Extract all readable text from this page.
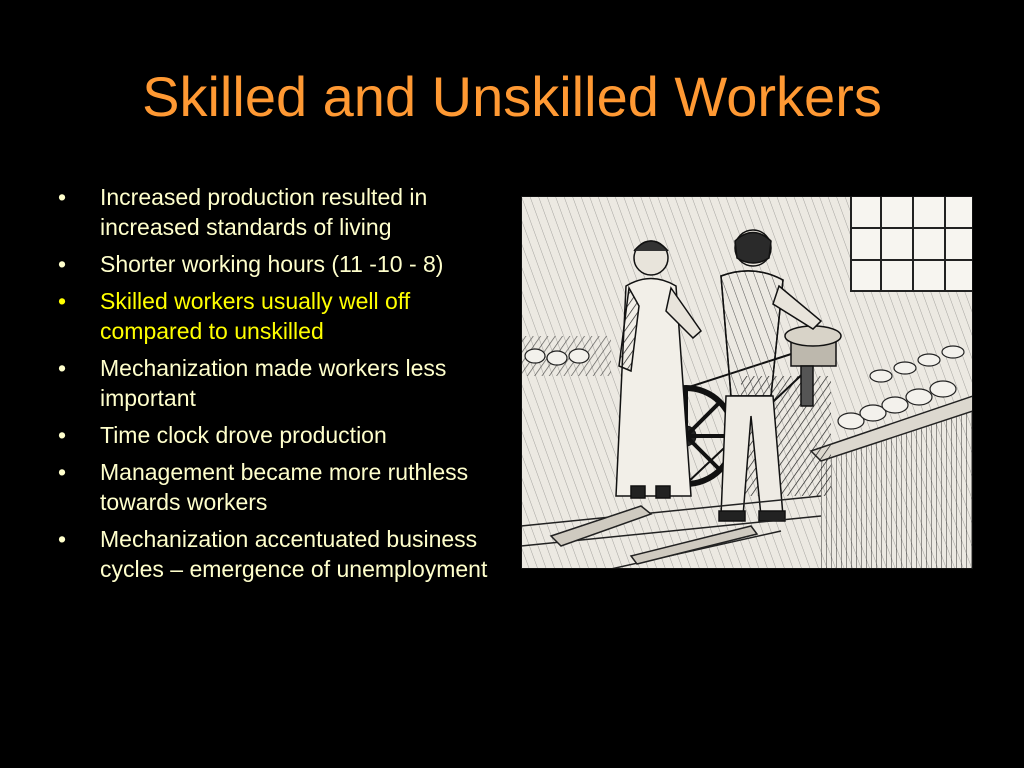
Skilled and Unskilled Workers
• Increased production resulted in increased standards of living
• Shorter working hours (11 -10 - 8)
• Skilled workers usually well off compared to unskilled
• Mechanization made workers less important
• Time clock drove production
• Management became more ruthless towards workers
• Mechanization accentuated business cycles – emergence of unemployment
